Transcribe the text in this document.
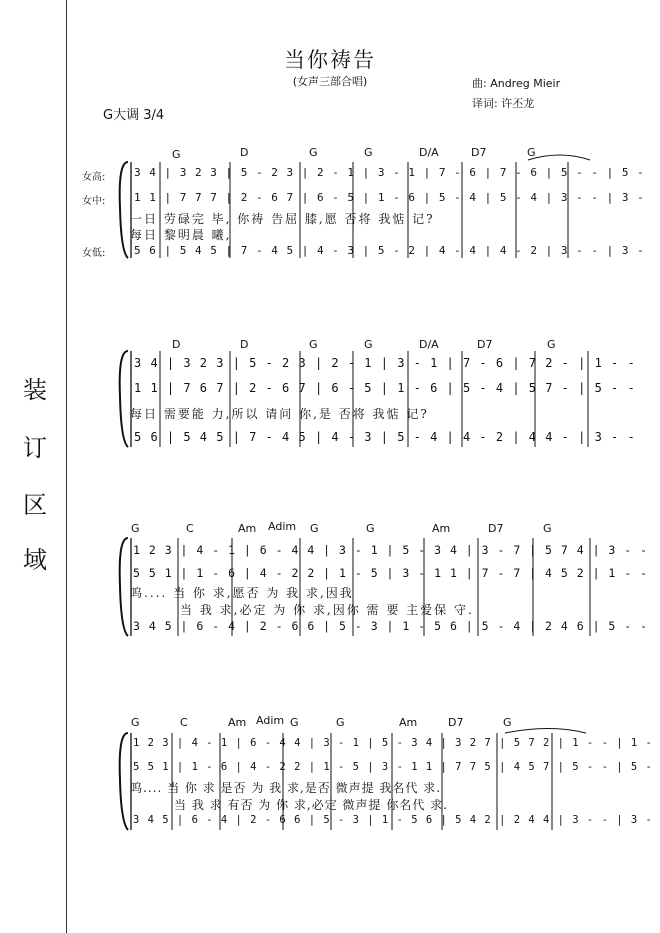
装
订
区
域
当你祷告
(女声三部合唱)	曲: Andreg Mieir
译词: 许丕龙
G大调 3/4
女高:
女中:
女低:
G	D	G	G	D/A	D7	G
3 4 | 3 2 3 | 5 - 2 3 | 2 - 1 | 3 - 1 | 7 - 6 | 7 - 6 | 5 - - | 5 -
1 1 | 7 7 7 | 2 - 6 7 | 6 - 5 | 1 - 6 | 5 - 4 | 5 - 4 | 3 - - | 3 -
一日 劳碌完 毕, 你祷 告屈 膝,愿 否将 我惦 记?
每日 黎明晨 曦,
5 6 | 5 4 5 | 7 - 4 5 | 4 - 3 | 5 - 2 | 4 - 4 | 4 - 2 | 3 - - | 3 -
D	D	G	G	D/A	D7	G
3 4 | 3 2 3 | 5 - 2 3 | 2 - 1 | 3 - 1 | 7 - 6 | 7 2 - | 1 - -
1 1 | 7 6 7 | 2 - 6 7 | 6 - 5 | 1 - 6 | 5 - 4 | 5 7 - | 5 - -
每日 需要能 力,所以 请问 你,是 否将 我惦 记?
5 6 | 5 4 5 | 7 - 4 5 | 4 - 3 | 5 - 4 | 4 - 2 | 4 4 - | 3 - -
G	C	Am Adim G	G	Am	D7	G
1 2 3 | 4 - 1 | 6 - 4 4 | 3 - 1 | 5 - 3 4 | 3 - 7 | 5 7 4 | 3 - -
5 5 1 | 1 - 6 | 4 - 2 2 | 1 - 5 | 3 - 1 1 | 7 - 7 | 4 5 2 | 1 - -
呜.... 当 你 求,愿否 为 我 求,因我
当 我 求,必定 为 你 求,因你 需 要 主爱保 守.
3 4 5 | 6 - 4 | 2 - 6 6 | 5 - 3 | 1 - 5 6 | 5 - 4 | 2 4 6 | 5 - -
G	C	Am Adim G	G	Am	D7	G
1 2 3 | 4 - 1 | 6 - 4 4 | 3 - 1 | 5 - 3 4 | 3 2 7 | 5 7 2 | 1 - - | 1 -
5 5 1 | 1 - 6 | 4 - 2 2 | 1 - 5 | 3 - 1 1 | 7 7 5 | 4 5 7 | 5 - - | 5 -
呜.... 当 你 求 是否 为 我 求,是否 微声提 我名代 求.
当 我 求 有否 为 你 求,必定 微声提 你名代 求.
3 4 5 | 6 - 4 | 2 - 6 6 | 5 - 3 | 1 - 5 6 | 5 4 2 | 2 4 4 | 3 - - | 3 -
